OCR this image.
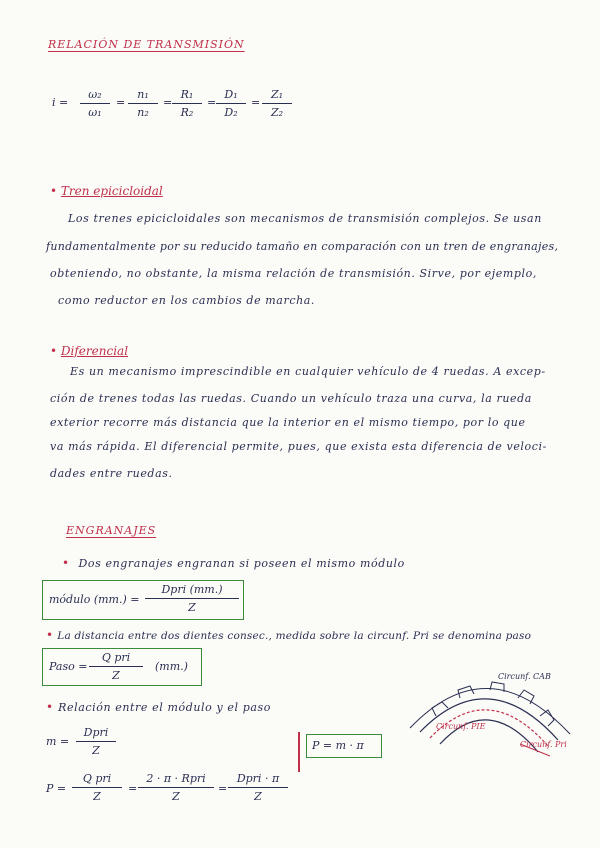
RELACIÓN DE TRANSMISIÓN
i =
ω₂
ω₁
=
n₁
n₂
=
R₁
R₂
=
D₁
D₂
=
Z₁
Z₂
• Tren epicicloidal
Los trenes epicicloidales son mecanismos de transmisión complejos. Se usan
fundamentalmente por su reducido tamaño en comparación con un tren de engranajes,
obteniendo, no obstante, la misma relación de transmisión. Sirve, por ejemplo,
como reductor en los cambios de marcha.
• Diferencial
Es un mecanismo imprescindible en cualquier vehículo de 4 ruedas. A excep-
ción de trenes todas las ruedas. Cuando un vehículo traza una curva, la rueda
exterior recorre más distancia que la interior en el mismo tiempo, por lo que
va más rápida. El diferencial permite, pues, que exista esta diferencia de veloci-
dades entre ruedas.
ENGRANAJES
•  Dos engranajes engranan si poseen el mismo módulo
módulo (mm.) =
Dpri (mm.)
Z
• La distancia entre dos dientes consec., medida sobre la circunf. Pri se denomina paso
Paso =
Q pri
Z
(mm.)
• Relación entre el módulo y el paso
m =
Dpri
Z
P =
Q pri
Z
=
2 · π · Rpri
Z
=
Dpri · π
Z
P = m · π
Circunf. CAB
Circunf. PIE
Circunf. Pri
